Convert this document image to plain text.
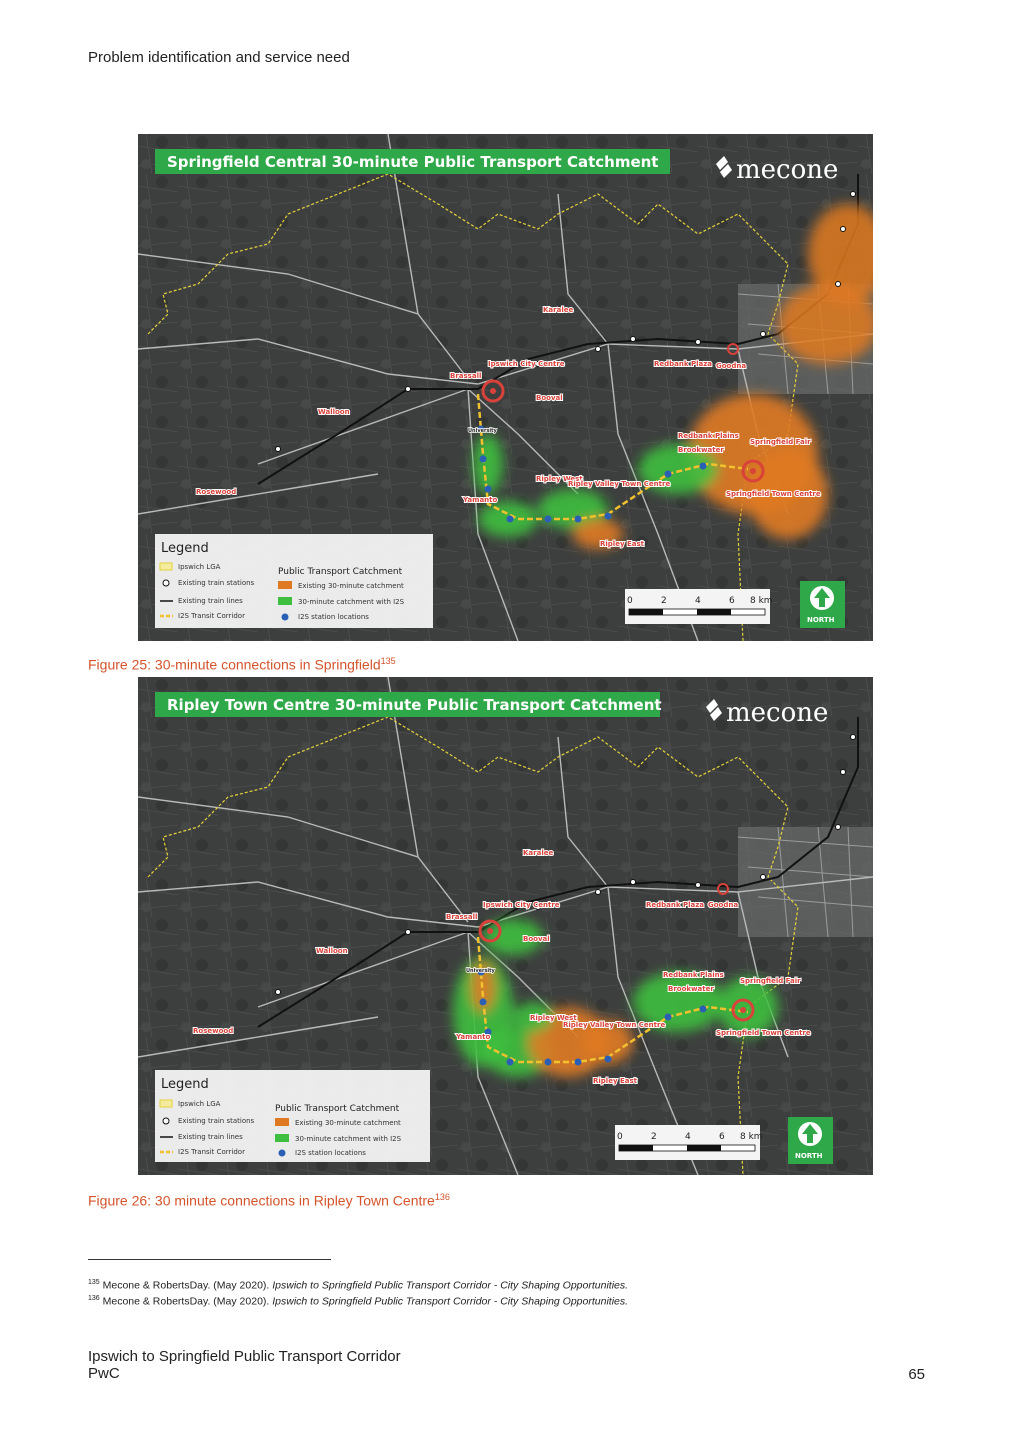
Problem identification and service need
Karalee
Ipswich City Centre
Brassall
Booval
Walloon
Rosewood
University
Yamanto
Ripley West
Ripley Valley Town Centre
Ripley East
Redbank Plaza Goodna
Redbank Plains
Brookwater
Springfield Fair
Springfield Town Centre
Springfield Central 30-minute Public Transport Catchment	mecone
Legend
Ipswich LGA
Existing train stations
Existing train lines
I2S Transit Corridor
Public Transport Catchment
Existing 30-minute catchment
30-minute catchment with I2S
I2S station locations
0	2	4	6 8 km
NORTH
Figure 25: 30-minute connections in Springfield$^{135}$
Karalee
Ipswich City Centre
Brassall
Booval
Walloon
Rosewood
University
Yamanto
Ripley West
Ripley Valley Town Centre
Ripley East
Redbank Plaza Goodna
Redbank Plains
Brookwater
Springfield Fair
Springfield Town Centre
Ripley Town Centre 30-minute Public Transport Catchment mecone
Legend
Ipswich LGA
Existing train stations
Existing train lines
I2S Transit Corridor
Public Transport Catchment
Existing 30-minute catchment
30-minute catchment with I2S
I2S station locations
0	2	4	6 8 km
NORTH
Figure 26: 30 minute connections in Ripley Town Centre$^{136}$
$^{135}$ Mecone & RobertsDay. (May 2020). Ipswich to Springfield Public Transport Corridor - City Shaping Opportunities.
$^{136}$ Mecone & RobertsDay. (May 2020). Ipswich to Springfield Public Transport Corridor - City Shaping Opportunities.
Ipswich to Springfield Public Transport Corridor
PwC	65
